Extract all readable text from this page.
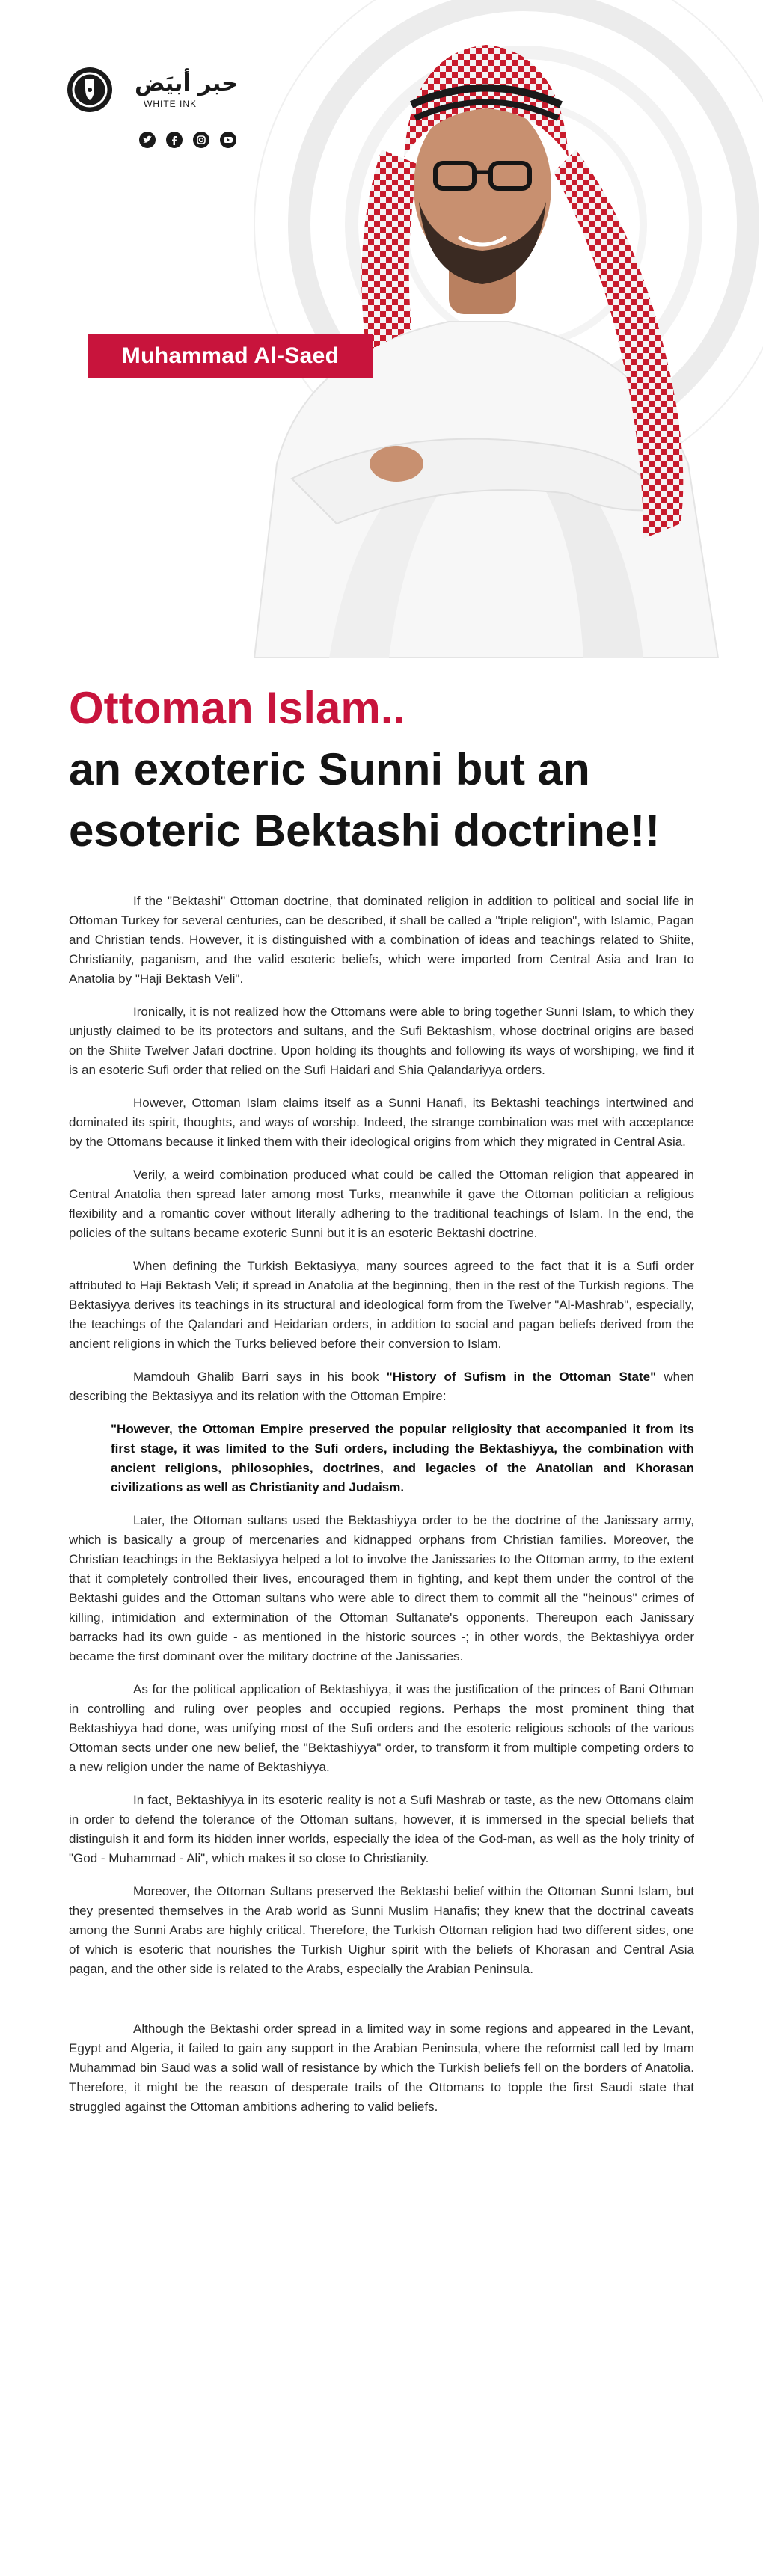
حبر أبيَض
WHITE INK
Muhammad Al-Saed
Ottoman Islam..
an exoteric Sunni but an
esoteric Bektashi doctrine!!

If the "Bektashi" Ottoman doctrine, that dominated religion in addition to political and social life in Ottoman Turkey for several centuries, can be described, it shall be called a "triple religion", with Islamic, Pagan and Christian tends. However, it is distinguished with a combination of ideas and teachings related to Shiite, Christianity, paganism, and the valid esoteric beliefs, which were imported from Central Asia and Iran to Anatolia by "Haji Bektash Veli".

Ironically, it is not realized how the Ottomans were able to bring together Sunni Islam, to which they unjustly claimed to be its protectors and sultans, and the Sufi Bektashism, whose doctrinal origins are based on the Shiite Twelver Jafari doctrine. Upon holding its thoughts and following its ways of worshiping, we find it is an esoteric Sufi order that relied on the Sufi Haidari and Shia Qalandariyya orders.

However, Ottoman Islam claims itself as a Sunni Hanafi, its Bektashi teachings intertwined and dominated its spirit, thoughts, and ways of worship. Indeed, the strange combination was met with acceptance by the Ottomans because it linked them with their ideological origins from which they migrated in Central Asia.

Verily, a weird combination produced what could be called the Ottoman religion that appeared in Central Anatolia then spread later among most Turks, meanwhile it gave the Ottoman politician a religious flexibility and a romantic cover without literally adhering to the traditional teachings of Islam. In the end, the policies of the sultans became exoteric Sunni but it is an esoteric Bektashi doctrine.

When defining the Turkish Bektasiyya, many sources agreed to the fact that it is a Sufi order attributed to Haji Bektash Veli; it spread in Anatolia at the beginning, then in the rest of the Turkish regions. The Bektasiyya derives its teachings in its structural and ideological form from the Twelver "Al-Mashrab", especially, the teachings of the Qalandari and Heidarian orders, in addition to social and pagan beliefs derived from the ancient religions in which the Turks believed before their conversion to Islam.

Mamdouh Ghalib Barri says in his book "History of Sufism in the Ottoman State" when describing the Bektasiyya and its relation with the Ottoman Empire:

"However, the Ottoman Empire preserved the popular religiosity that accompanied it from its first stage, it was limited to the Sufi orders, including the Bektashiyya, the combination with ancient religions, philosophies, doctrines, and legacies of the Anatolian and Khorasan civilizations as well as Christianity and Judaism.

Later, the Ottoman sultans used the Bektashiyya order to be the doctrine of the Janissary army, which is basically a group of mercenaries and kidnapped orphans from Christian families. Moreover, the Christian teachings in the Bektasiyya helped a lot to involve the Janissaries to the Ottoman army, to the extent that it completely controlled their lives, encouraged them in fighting, and kept them under the control of the Bektashi guides and the Ottoman sultans who were able to direct them to commit all the "heinous" crimes of killing, intimidation and extermination of the Ottoman Sultanate's opponents. Thereupon each Janissary barracks had its own guide - as mentioned in the historic sources -; in other words, the Bektashiyya order became the first dominant over the military doctrine of the Janissaries.

As for the political application of Bektashiyya, it was the justification of the princes of Bani Othman in controlling and ruling over peoples and occupied regions. Perhaps the most prominent thing that Bektashiyya had done, was unifying most of the Sufi orders and the esoteric religious schools of the various Ottoman sects under one new belief, the "Bektashiyya" order, to transform it from multiple competing orders to a new religion under the name of Bektashiyya.

In fact, Bektashiyya in its esoteric reality is not a Sufi Mashrab or taste, as the new Ottomans claim in order to defend the tolerance of the Ottoman sultans, however, it is immersed in the special beliefs that distinguish it and form its hidden inner worlds, especially the idea of the God-man, as well as the holy trinity of "God - Muhammad - Ali", which makes it so close to Christianity.

Moreover, the Ottoman Sultans preserved the Bektashi belief within the Ottoman Sunni Islam, but they presented themselves in the Arab world as Sunni Muslim Hanafis; they knew that the doctrinal caveats among the Sunni Arabs are highly critical. Therefore, the Turkish Ottoman religion had two different sides, one of which is esoteric that nourishes the Turkish Uighur spirit with the beliefs of Khorasan and Central Asia pagan, and the other side is related to the Arabs, especially the Arabian Peninsula.

Although the Bektashi order spread in a limited way in some regions and appeared in the Levant, Egypt and Algeria, it failed to gain any support in the Arabian Peninsula, where the reformist call led by Imam Muhammad bin Saud was a solid wall of resistance by which the Turkish beliefs fell on the borders of Anatolia. Therefore, it might be the reason of desperate trails of the Ottomans to topple the first Saudi state that struggled against the Ottoman ambitions adhering to valid beliefs.
